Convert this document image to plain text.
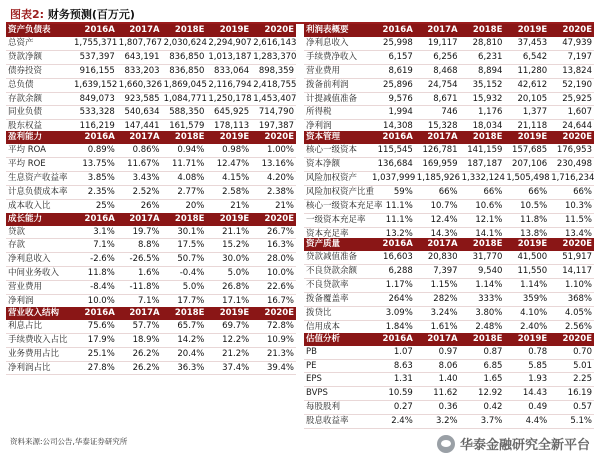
图表2: 财务预测(百万元)
资产负债表	2016A	2017A	2018E	2019E	2020E
总资产	1,755,371	1,807,767	2,030,624	2,294,907	2,616,143
贷款净额	537,397	643,191	836,850	1,013,187	1,283,370
债券投资	916,155	833,203	836,850	833,064	898,359
总负债	1,639,152	1,660,326	1,869,045	2,116,794	2,418,755
存款余额	849,073	923,585	1,084,771	1,250,178	1,453,407
同业负债	533,328	540,634	588,350	645,925	714,790
股东权益	116,219	147,441	161,579	178,113	197,387
盈利能力	2016A	2017A	2018E	2019E	2020E
平均 ROA	0.89%	0.86%	0.94%	0.98%	1.00%
平均 ROE	13.75%	11.67%	11.71%	12.47%	13.16%
生息资产收益率	3.85%	3.43%	4.08%	4.15%	4.20%
计息负债成本率	2.35%	2.52%	2.77%	2.58%	2.38%
成本收入比	25%	26%	20%	21%	21%
成长能力	2016A	2017A	2018E	2019E	2020E
贷款	3.1%	19.7%	30.1%	21.1%	26.7%
存款	7.1%	8.8%	17.5%	15.2%	16.3%
净利息收入	-2.6%	-26.5%	50.7%	30.0%	28.0%
中间业务收入	11.8%	1.6%	-0.4%	5.0%	10.0%
营业费用	-8.4%	-11.8%	5.0%	26.8%	22.6%
净利润	10.0%	7.1%	17.7%	17.1%	16.7%
营业收入结构	2016A	2017A	2018E	2019E	2020E
利息占比	75.6%	57.7%	65.7%	69.7%	72.8%
手续费收入占比	17.9%	18.9%	14.2%	12.2%	10.9%
业务费用占比	25.1%	26.2%	20.4%	21.2%	21.3%
净利润占比	27.8%	26.2%	36.3%	37.4%	39.4%
利润表概要	2016A	2017A	2018E	2019E	2020E
净利息收入	25,998	19,117	28,810	37,453	47,939
手续费净收入	6,157	6,256	6,231	6,542	7,197
营业费用	8,619	8,468	8,894	11,280	13,824
拨备前利润	25,896	24,754	35,152	42,612	52,190
计提减值准备	9,576	8,671	15,932	20,105	25,925
所得税	1,994	746	1,176	1,377	1,607
净利润	14,308	15,328	18,034	21,118	24,644
资本管理	2016A	2017A	2018E	2019E	2020E
核心一级资本	115,545	126,781	141,159	157,685	176,953
资本净额	136,684	169,959	187,187	207,106	230,498
风险加权资产	1,037,999	1,185,926	1,332,124	1,505,498	1,716,234
风险加权资产比重	59%	66%	66%	66%	66%
核心一级资本充足率	11.1%	10.7%	10.6%	10.5%	10.3%
一级资本充足率	11.1%	12.4%	12.1%	11.8%	11.5%
资本充足率	13.2%	14.3%	14.1%	13.8%	13.4%
资产质量	2016A	2017A	2018E	2019E	2020E
贷款减值准备	16,603	20,830	31,770	41,500	51,917
不良贷款余额	6,288	7,397	9,540	11,550	14,117
不良贷款率	1.17%	1.15%	1.14%	1.14%	1.10%
拨备覆盖率	264%	282%	333%	359%	368%
拨贷比	3.09%	3.24%	3.80%	4.10%	4.05%
信用成本	1.84%	1.61%	2.48%	2.40%	2.56%
估值分析	2016A	2017A	2018E	2019E	2020E
PB	1.07	0.97	0.87	0.78	0.70
PE	8.63	8.06	6.85	5.85	5.01
EPS	1.31	1.40	1.65	1.93	2.25
BVPS	10.59	11.62	12.92	14.43	16.19
每股股利	0.27	0.36	0.42	0.49	0.57
股息收益率	2.4%	3.2%	3.7%	4.4%	5.1%
资料来源:公司公告,华泰证券研究所	华泰金融研究全新平台
